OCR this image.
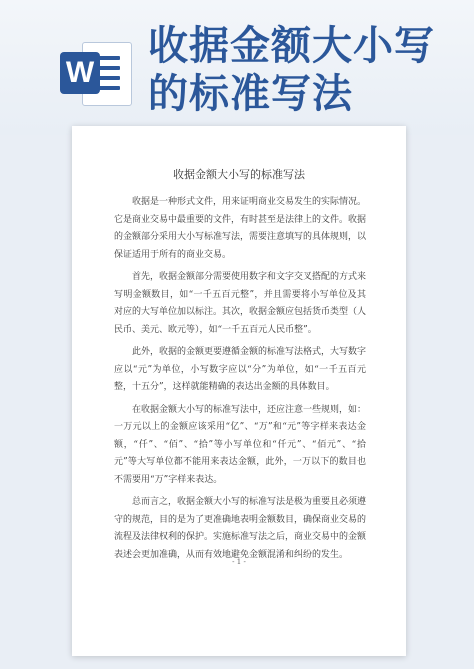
W
收据金额大小写的标准写法
收据金额大小写的标准写法

收据是一种形式文件，用来证明商业交易发生的实际情况。它是商业交易中最重要的文件，有时甚至是法律上的文件。收据的金额部分采用大小写标准写法，需要注意填写的具体规则，以保证适用于所有的商业交易。

首先，收据金额部分需要使用数字和文字交叉搭配的方式来写明金额数目，如“一千五百元整”，并且需要将小写单位及其对应的大写单位加以标注。其次，收据金额应包括货币类型（人民币、美元、欧元等），如“一千五百元人民币整”。

此外，收据的金额更要遵循金额的标准写法格式，大写数字应以“元”为单位，小写数字应以“分”为单位，如“一千五百元整，十五分”，这样就能精确的表达出金额的具体数目。

在收据金额大小写的标准写法中，还应注意一些规则，如：一万元以上的金额应该采用“亿”、“万”和“元”等字样来表达金额，“仟”、“佰”、“拾”等小写单位和“仟元”、“佰元”、“拾元”等大写单位都不能用来表达金额，此外，一万以下的数目也不需要用“万”字样来表达。

总而言之，收据金额大小写的标准写法是极为重要且必须遵守的规范，目的是为了更准确地表明金额数目，确保商业交易的流程及法律权利的保护。实施标准写法之后，商业交易中的金额表述会更加准确，从而有效地避免金额混淆和纠纷的发生。

- 1 -
